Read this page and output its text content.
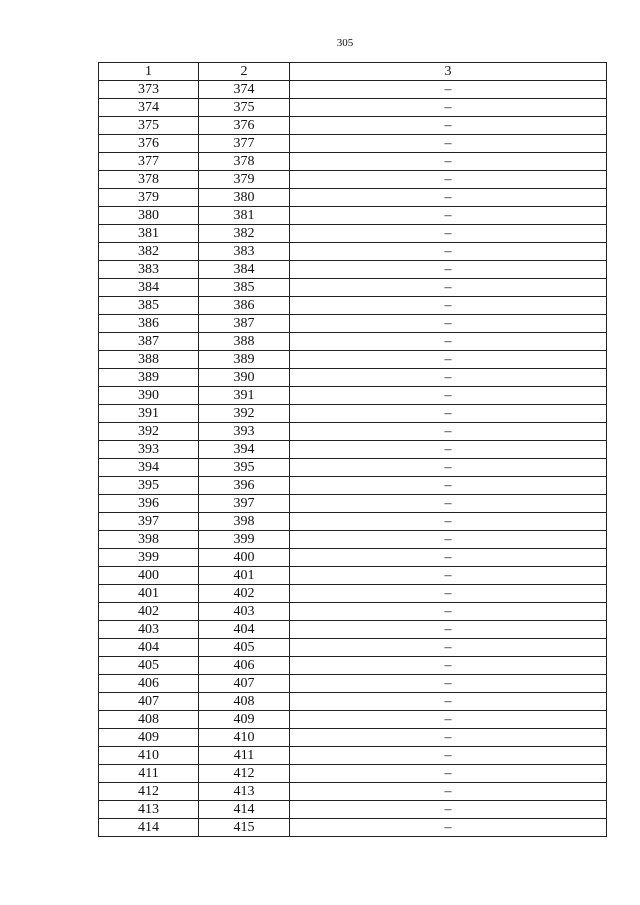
305
1	2	3
373	374	–
374	375	–
375	376	–
376	377	–
377	378	–
378	379	–
379	380	–
380	381	–
381	382	–
382	383	–
383	384	–
384	385	–
385	386	–
386	387	–
387	388	–
388	389	–
389	390	–
390	391	–
391	392	–
392	393	–
393	394	–
394	395	–
395	396	–
396	397	–
397	398	–
398	399	–
399	400	–
400	401	–
401	402	–
402	403	–
403	404	–
404	405	–
405	406	–
406	407	–
407	408	–
408	409	–
409	410	–
410	411	–
411	412	–
412	413	–
413	414	–
414	415	–
